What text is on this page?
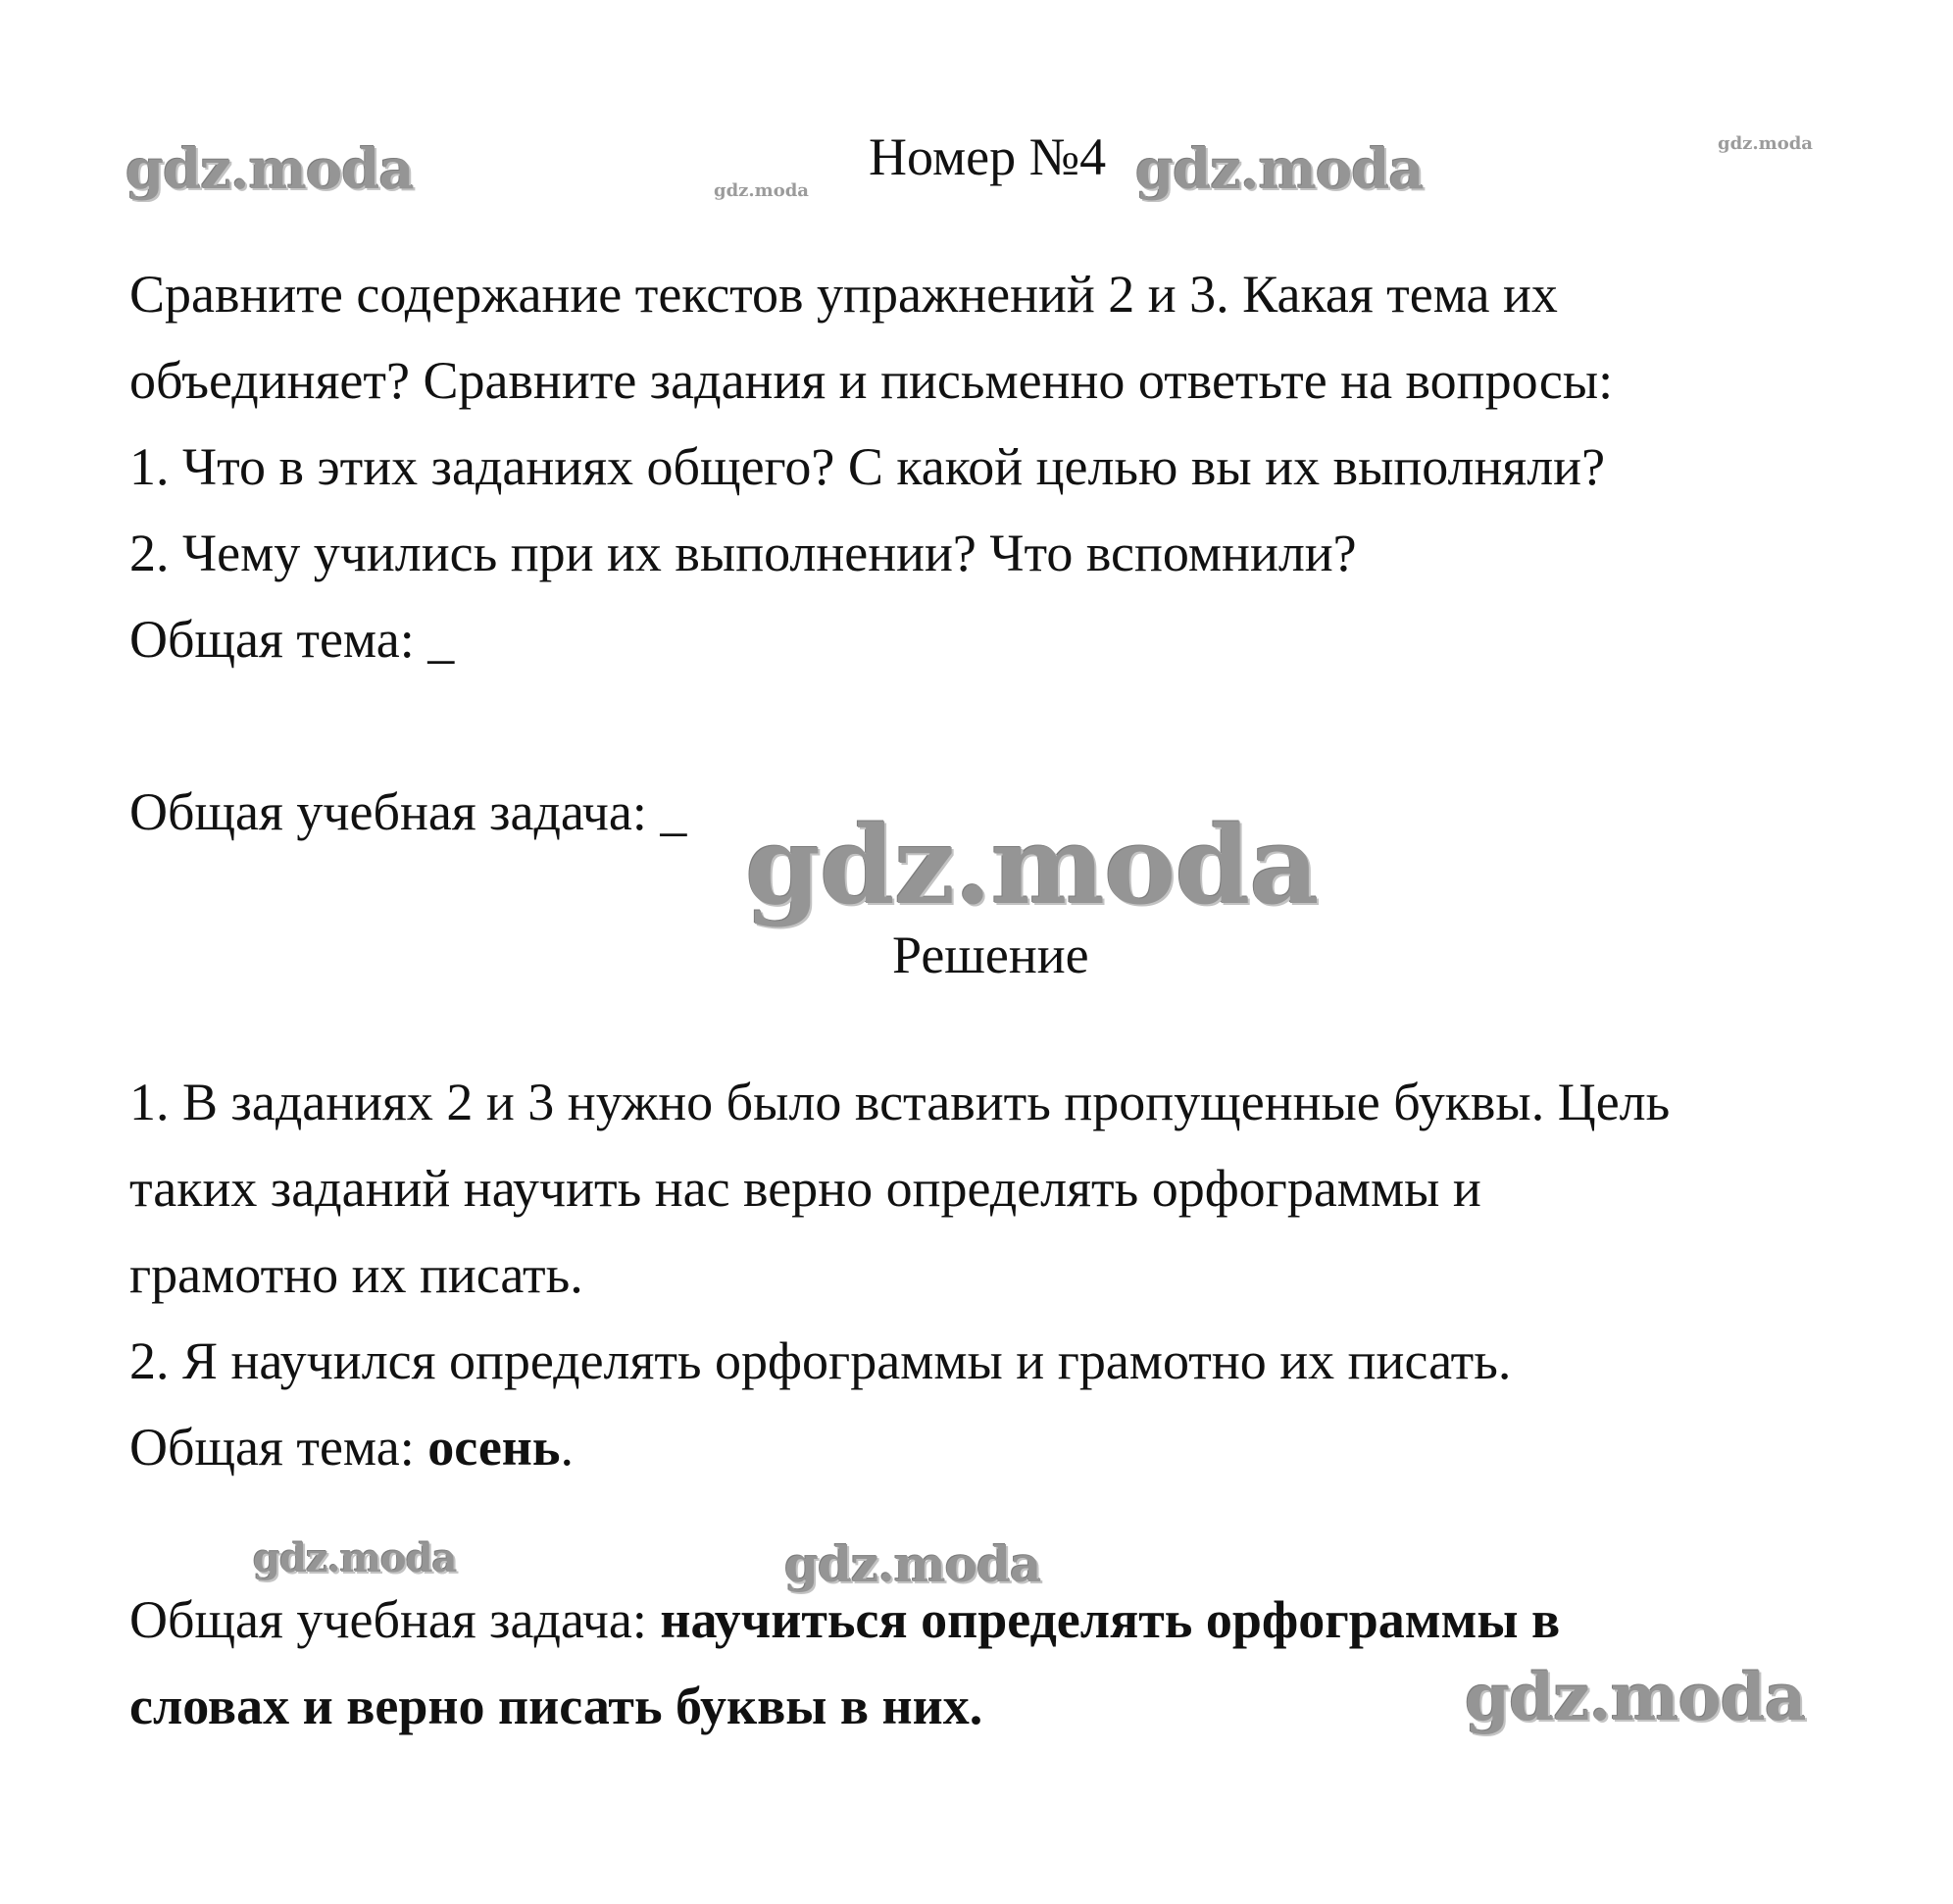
gdz.moda	gdz.moda	gdz.moda	gdz.moda
gdz.moda
gdz.moda	gdz.moda
gdz.moda
Номер №4
Сравните содержание текстов упражнений 2 и 3. Какая тема их
объединяет? Сравните задания и письменно ответьте на вопросы:
1. Что в этих заданиях общего? С какой целью вы их выполняли?
2. Чему учились при их выполнении? Что вспомнили?
Общая тема: _
Общая учебная задача: _
Решение
1. В заданиях 2 и 3 нужно было вставить пропущенные буквы. Цель
таких заданий научить нас верно определять орфограммы и
грамотно их писать.
2. Я научился определять орфограммы и грамотно их писать.
Общая тема: осень.
Общая учебная задача: научиться определять орфограммы в
словах и верно писать буквы в них.
